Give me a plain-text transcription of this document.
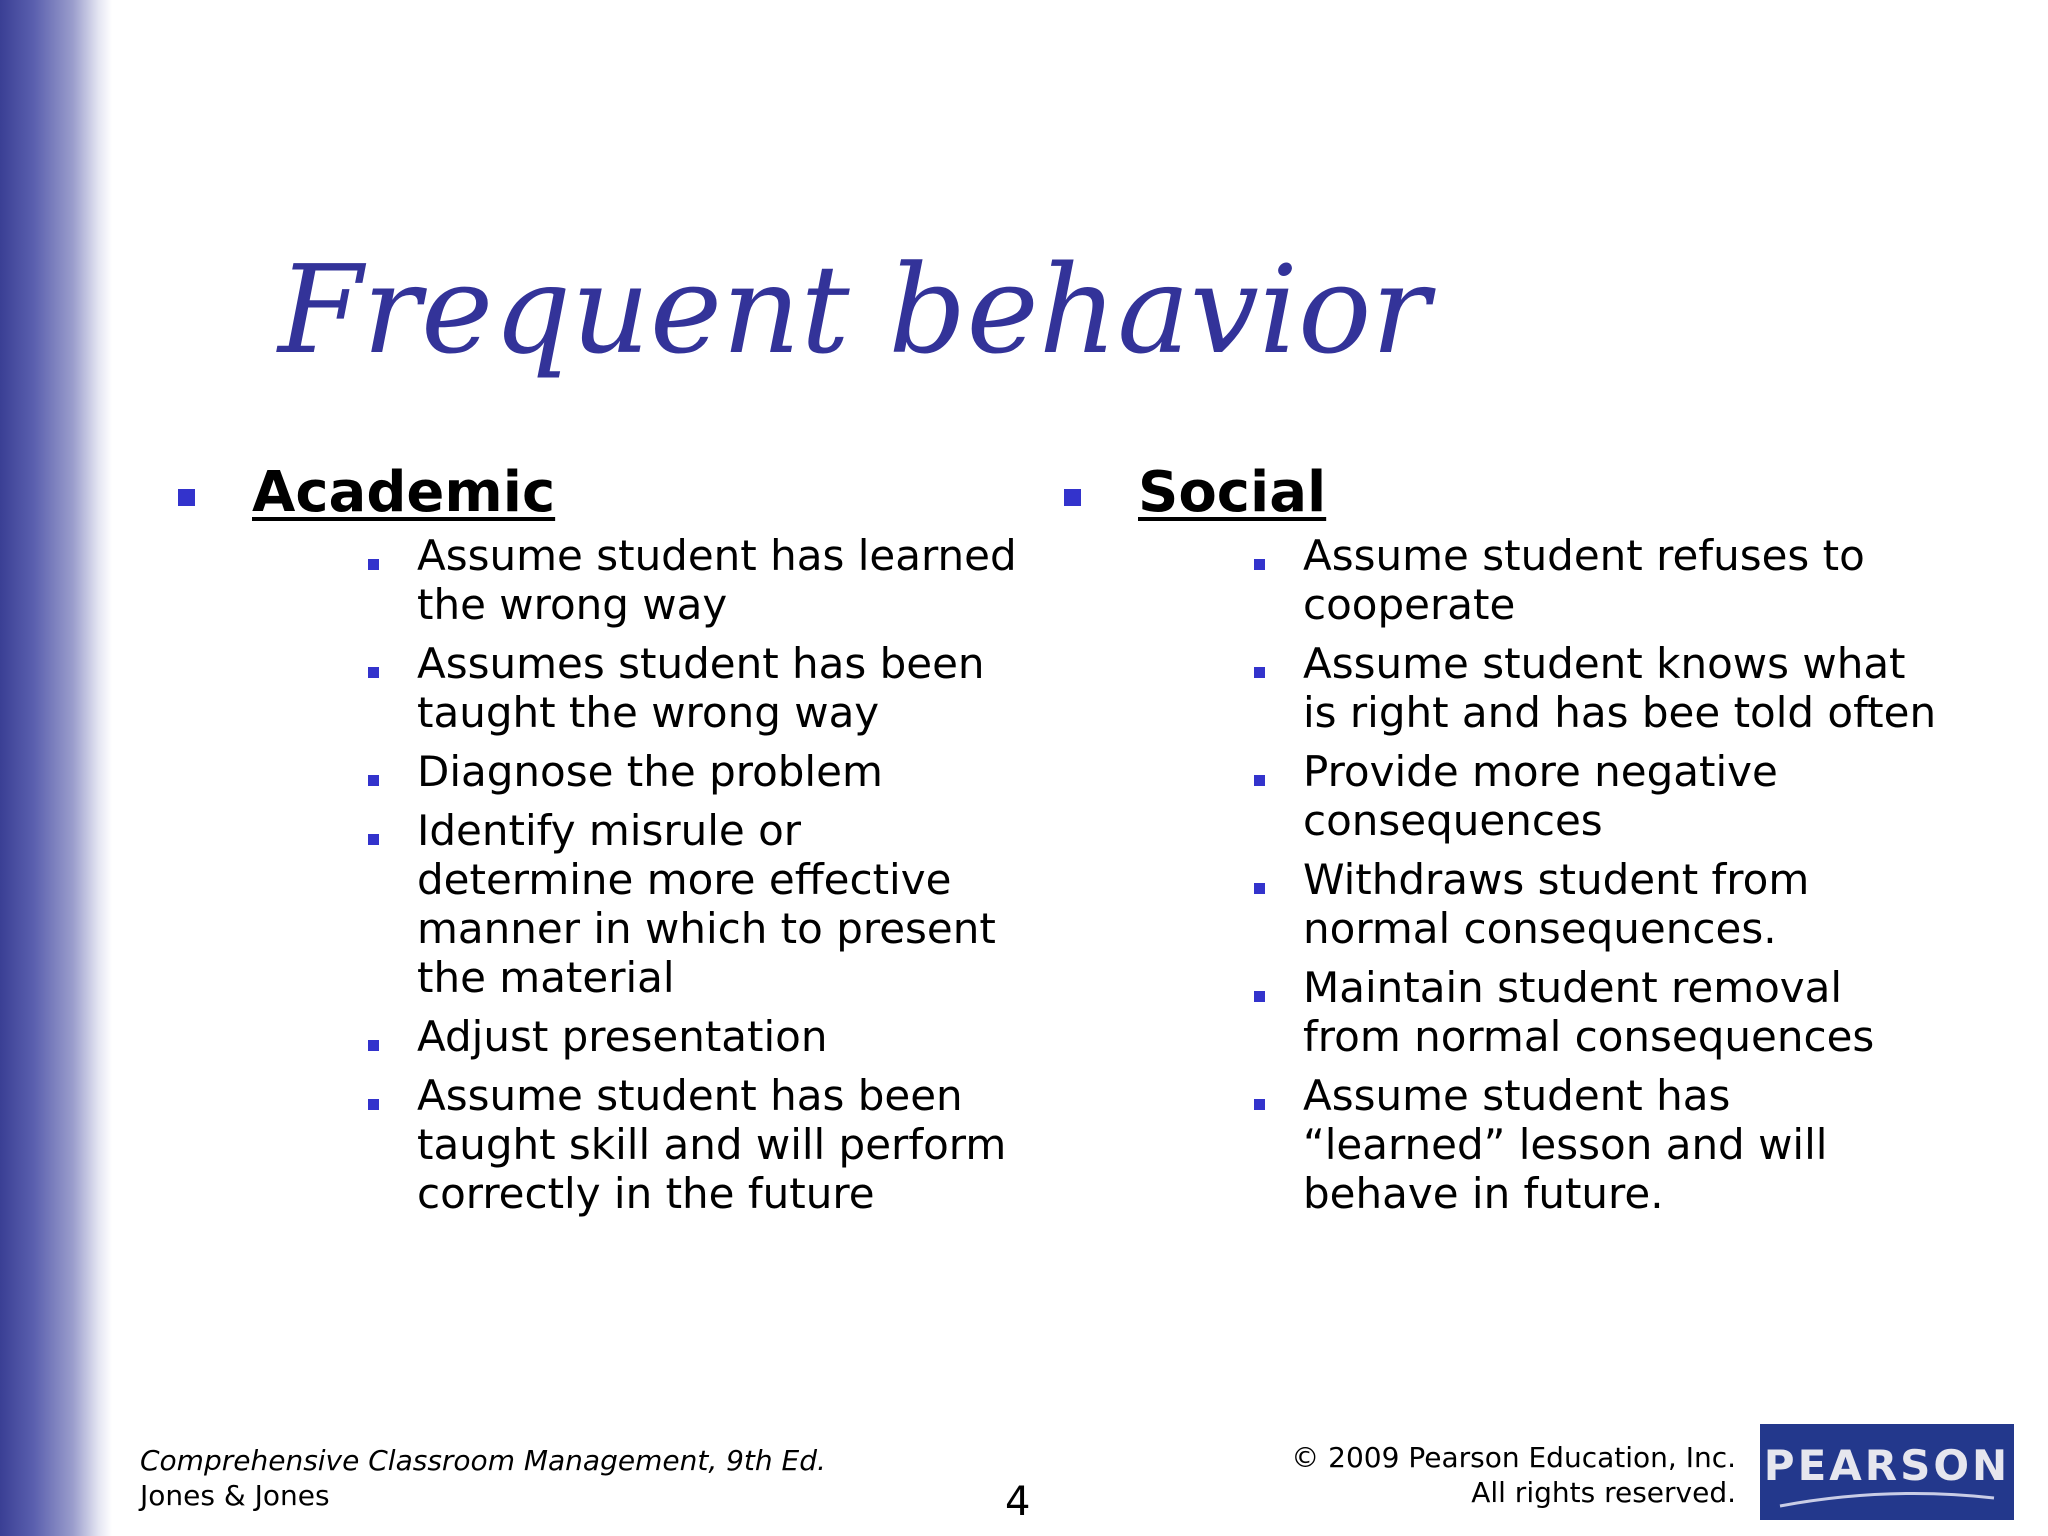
Frequent behavior
Academic
Assume student has learned the wrong way
Assumes student has been taught the wrong way
Diagnose the problem
Identify misrule or determine more effective manner in which to present the material
Adjust presentation
Assume student has been taught skill and will perform correctly in the future
Social
Assume student refuses to cooperate
Assume student knows what is right and has bee told often
Provide more negative consequences
Withdraws student from normal consequences.
Maintain student removal from normal consequences
Assume student has “learned” lesson and will behave in future.
Comprehensive Classroom Management, 9th Ed.
Jones & Jones	4
© 2009 Pearson Education, Inc.
All rights reserved.
PEARSON
